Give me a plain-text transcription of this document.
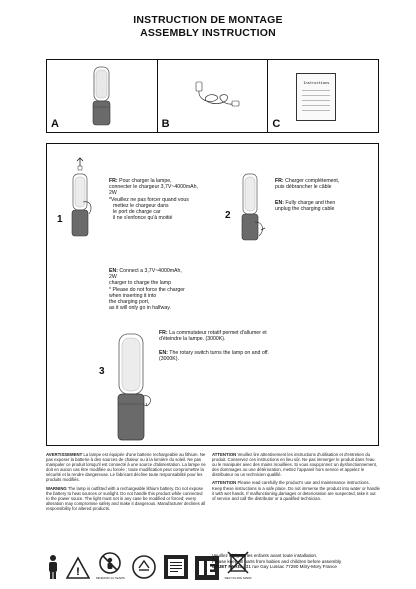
INSTRUCTION DE MONTAGE
ASSEMBLY INSTRUCTION
A	B
Instructions
C
1
FR: Pour charger la lampe,
connecter le chargeur 3,7V~4000mAh,
2W
*Veuillez ne pas forcer quand vous
mettez le chargeur dans
le port de charge car
il ne s'enfonce qu'à moitié
EN: Connect a 3,7V~4000mAh,
2W
charger to charge the lamp
* Please do not force the charger
when inserting it into
the charging port,
as it will only go in halfway.
2
FR: Charger complètement,
puis débrancher le câble
EN: Fully charge and then
unplug the charging cable
3
FR: La commutateur rotatif permet d'allumer et
d'éteindre la lampe. (3000K).
EN: The rotary switch turns the lamp on and off.
(3000K).

AVERTISSEMENT La lampe est équipée d'une batterie rechargeable au lithium. Ne pas exposer la batterie à des sources de chaleur ou à la lumière du soleil. Ne pas manipuler ce produit lorsqu'il est connecté à une source d'alimentation. La lampe ne doit en aucun cas être modifiée ou forcée ; toute modification peut compromettre la sécurité et la rendre dangereuse. Le fabricant décline toute responsabilité pour les produits modifiés.

WARNING The lamp is outfitted with a rechargeable lithium battery. Do not expose the battery to heat sources or sunlight. Do not handle this product while connected to the power souce. The light must not in any case be modified or forced; every alteration may compromise safety and make it dangerous. Manufacturer declines all responsibility for altered products.

ATTENTION Veuillez lire attentivement les instructions d'utilisation et d'entretien du produit. Conservez ces instructions en lieu sûr. Ne pas immerger le produit dans l'eau ou le manipuler avec des mains mouillées. Si vous soupçonnez un dysfonctionnement, des dommages ou une détérioration, mettez l'appareil hors service et appelez le distributeur ou un technicien qualifié.

ATTENTION Please read carefully the product's use and maintenance instructions. Keep these instructions in a safe place. Do not immerse the product into water or handle it with wet hands. If malfunctioning,damages or deterioration are suspected, take it out of service and call the distributor or a qualified technician.

!	MINIMUM 14 YEARS	RECYCLING MARK
Veuillez éloigner les enfants avant toute installation.
Please keep all parts from babies and children before assembly
OPJET PARIS | 31 rue Gay Lussac 77290 Mitry-Mory France
